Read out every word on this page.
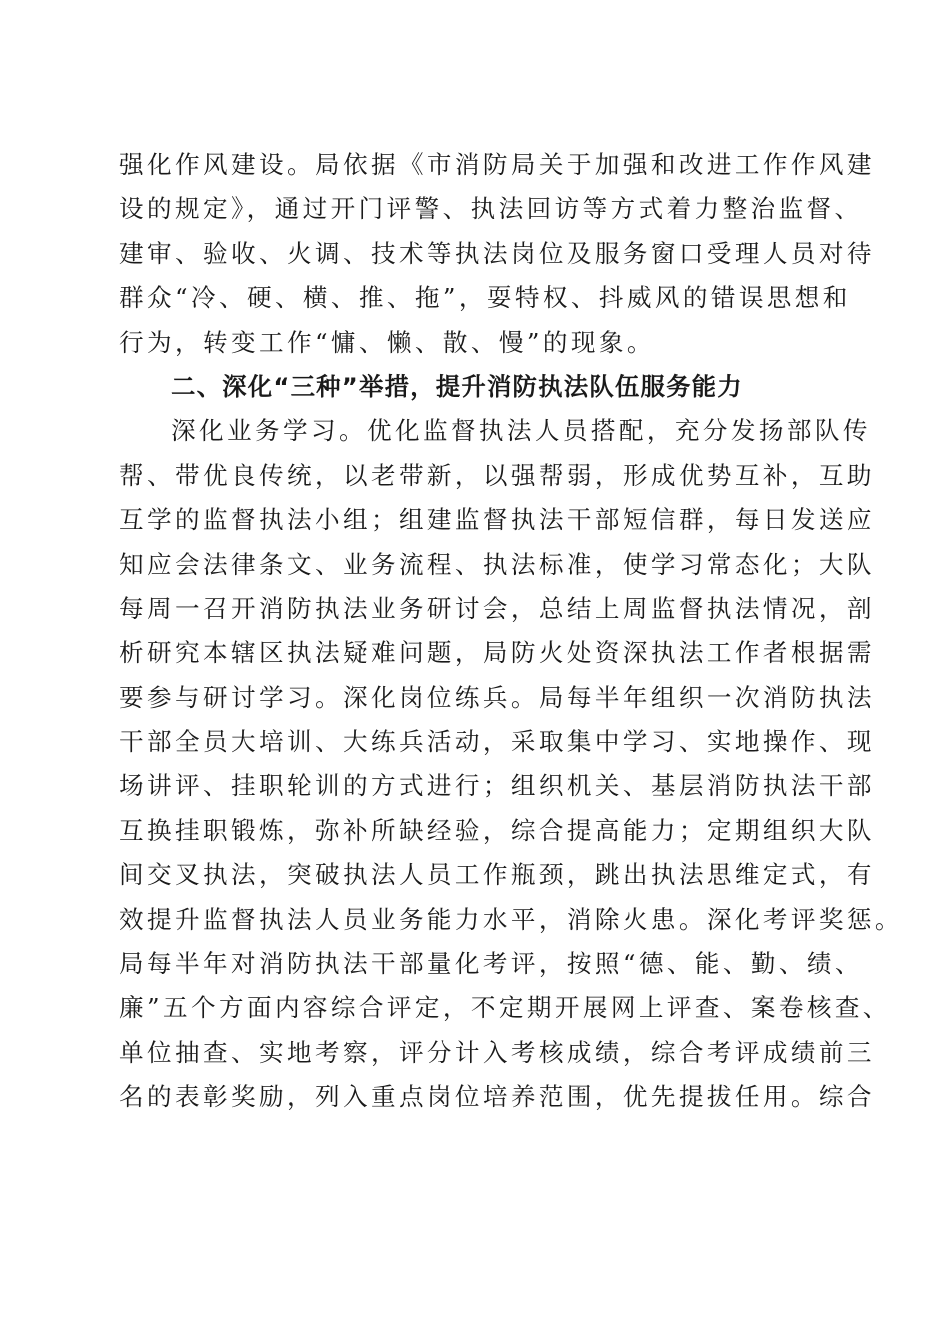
强化作风建设。局依据《市消防局关于加强和改进工作作风建
设的规定》，通过开门评警、执法回访等方式着力整治监督、
建审、验收、火调、技术等执法岗位及服务窗口受理人员对待
群众“冷、硬、横、推、拖”，耍特权、抖威风的错误思想和
行为，转变工作“慵、懒、散、慢”的现象。
二、深化“三种”举措，提升消防执法队伍服务能力
深化业务学习。优化监督执法人员搭配，充分发扬部队传
帮、带优良传统，以老带新，以强帮弱，形成优势互补，互助
互学的监督执法小组；组建监督执法干部短信群，每日发送应
知应会法律条文、业务流程、执法标准，使学习常态化；大队
每周一召开消防执法业务研讨会，总结上周监督执法情况，剖
析研究本辖区执法疑难问题，局防火处资深执法工作者根据需
要参与研讨学习。深化岗位练兵。局每半年组织一次消防执法
干部全员大培训、大练兵活动，采取集中学习、实地操作、现
场讲评、挂职轮训的方式进行；组织机关、基层消防执法干部
互换挂职锻炼，弥补所缺经验，综合提高能力；定期组织大队
间交叉执法，突破执法人员工作瓶颈，跳出执法思维定式，有
效提升监督执法人员业务能力水平，消除火患。深化考评奖惩。
局每半年对消防执法干部量化考评，按照“德、能、勤、绩、
廉”五个方面内容综合评定，不定期开展网上评查、案卷核查、
单位抽查、实地考察，评分计入考核成绩，综合考评成绩前三
名的表彰奖励，列入重点岗位培养范围，优先提拔任用。综合
